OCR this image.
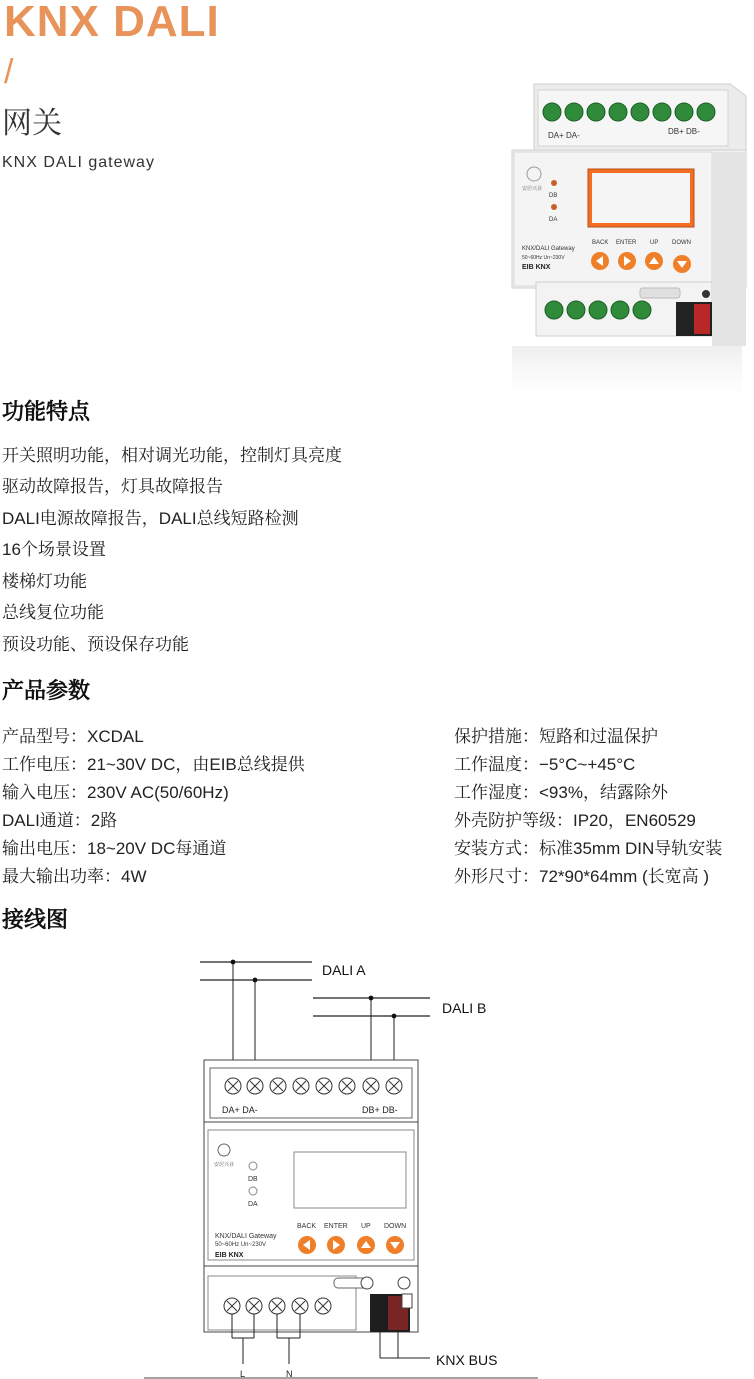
KNX DALI
/
网关
KNX DALI gateway
DA+ DA-	DB+ DB-
安居兴业
DB
DA
KNX/DALI Gateway
50~60Hz Un~230V
EIB KNX
BACK ENTER UP DOWN
功能特点
开关照明功能，相对调光功能，控制灯具亮度
驱动故障报告，灯具故障报告
DALI电源故障报告，DALI总线短路检测
16个场景设置
楼梯灯功能
总线复位功能
预设功能、预设保存功能
产品参数
产品型号：XCDAL
工作电压：21~30V DC，由EIB总线提供
输入电压：230V AC(50/60Hz)
DALI通道：2路
输出电压：18~20V DC每通道
最大输出功率：4W
保护措施：短路和过温保护
工作温度：−5°C~+45°C
工作湿度：<93%，结露除外
外壳防护等级：IP20，EN60529
安装方式：标准35mm DIN导轨安装
外形尺寸：72*90*64mm (长宽高 )
接线图
DALI A
DALI B
DA+ DA-	DB+ DB-
安居兴业
DB
DA
KNX/DALI Gateway
50~60Hz Un~230V
EIB KNX
BACK ENTER UP DOWN
L	N
KNX BUS
